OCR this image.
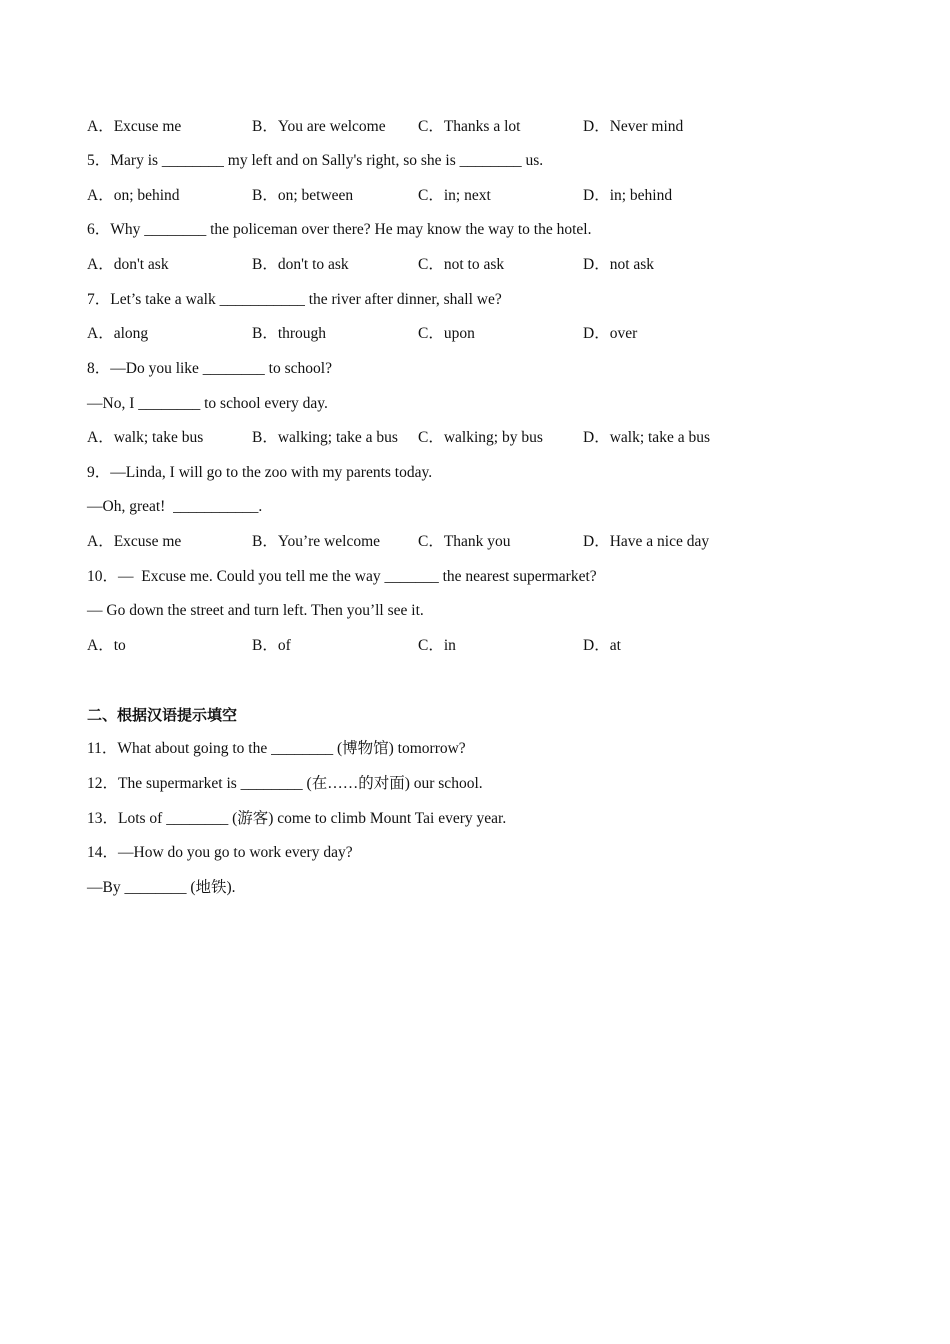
A．Excuse me

	B．You are welcome

C．Thanks a lot

	D．Never mind

5．Mary is ________ my left and on Sally's right, so she is ________ us.

A．on; behind

	B．on; between

	C．in; next

	D．in; behind

6．Why ________ the policeman over there? He may know the way to the hotel.

A．don't ask

	B．don't to ask

	C．not to ask

	D．not ask

7．Let’s take a walk ___________ the river after dinner, shall we?

A．along

	B．through

	C．upon

	D．over

8．—Do you like ________ to school?
—No, I ________ to school every day.

A．walk; take bus

	B．walking; take a bus

C．walking; by bus

	D．walk; take a bus

9．—Linda, I will go to the zoo with my parents today.
—Oh, great!  ___________.

A．Excuse me

	B．You’re welcome

C．Thank you

	D．Have a nice day

10．—  Excuse me. Could you tell me the way _______ the nearest supermarket?
— Go down the street and turn left. Then you’ll see it.

A．to

	B．of

	C．in

	D．at

二、根据汉语提示填空
11．What about going to the ________ (博物馆) tomorrow?
12．The supermarket is ________ (在……的对面) our school.
13．Lots of ________ (游客) come to climb Mount Tai every year.
14．—How do you go to work every day?
—By ________ (地铁).
